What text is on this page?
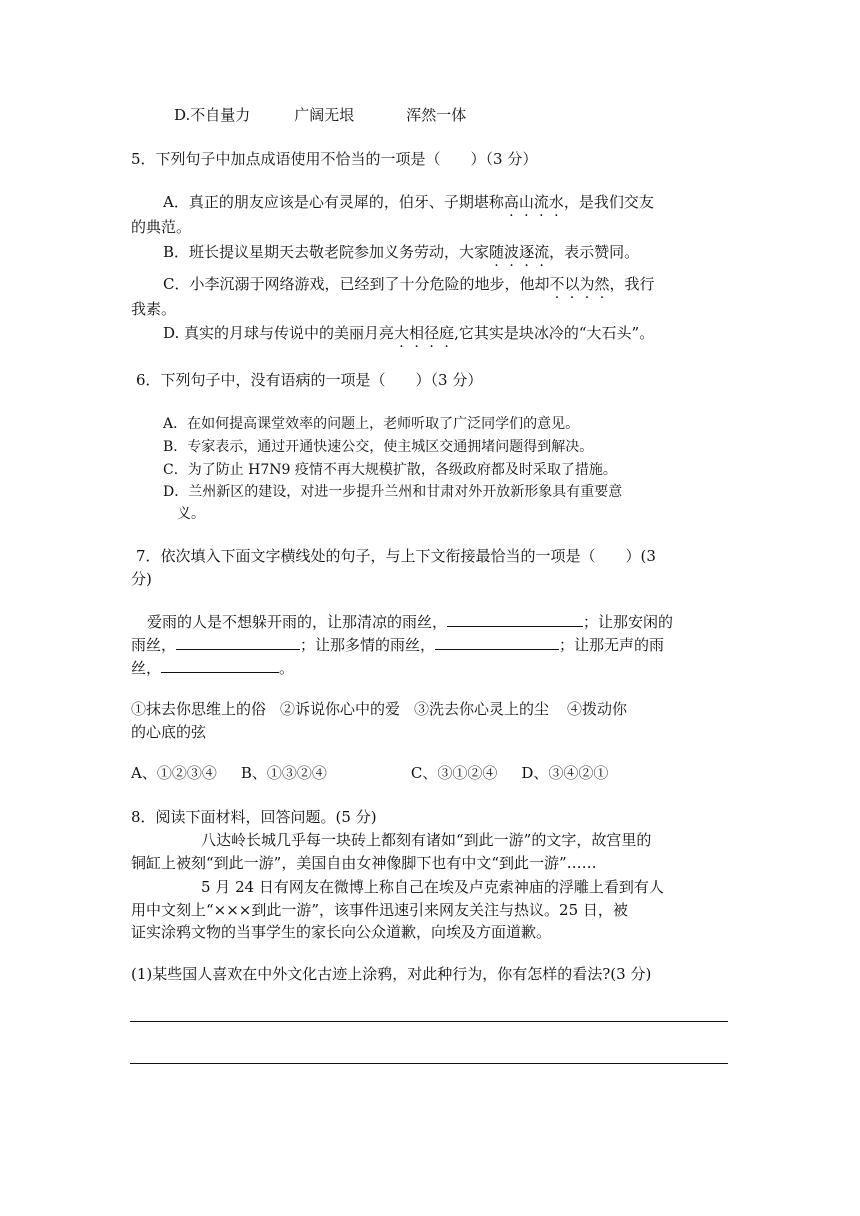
D.不自量力	广阔无垠	浑然一体
5．下列句子中加点成语使用不恰当的一项是（　　）（3 分）
A．真正的朋友应该是心有灵犀的，伯牙、子期堪称高山流水，是我们交友
的典范。
B．班长提议星期天去敬老院参加义务劳动，大家随波逐流，表示赞同。
C．小李沉溺于网络游戏，已经到了十分危险的地步，他却不以为然，我行
我素。
D. 真实的月球与传说中的美丽月亮大相径庭,它其实是块冰冷的“大石头”。
6．下列句子中，没有语病的一项是（　　）（3 分）
A．在如何提高课堂效率的问题上，老师听取了广泛同学们的意见。
B．专家表示，通过开通快速公交，使主城区交通拥堵问题得到解决。
C．为了防止 H7N9 疫情不再大规模扩散，各级政府都及时采取了措施。
D．兰州新区的建设，对进一步提升兰州和甘肃对外开放新形象具有重要意
义。
7．依次填入下面文字横线处的句子，与上下文衔接最恰当的一项是（　　）(3
分)
爱雨的人是不想躲开雨的，让那清凉的雨丝，	；让那安闲的
雨丝，	；让那多情的雨丝，	；让那无声的雨
丝，	。
①抹去你思维上的俗 ②诉说你心中的爱 ③洗去你心灵上的尘 ④拨动你
的心底的弦
A、①②③④ B、①③②④	C、③①②④ D、③④②①
8．阅读下面材料，回答问题。(5 分)
八达岭长城几乎每一块砖上都刻有诸如“到此一游”的文字，故宫里的
铜缸上被刻“到此一游”，美国自由女神像脚下也有中文“到此一游”……
5 月 24 日有网友在微博上称自己在埃及卢克索神庙的浮雕上看到有人
用中文刻上“×××到此一游”，该事件迅速引来网友关注与热议。25 日，被
证实涂鸦文物的当事学生的家长向公众道歉，向埃及方面道歉。
(1)某些国人喜欢在中外文化古迹上涂鸦，对此种行为，你有怎样的看法?(3 分)
